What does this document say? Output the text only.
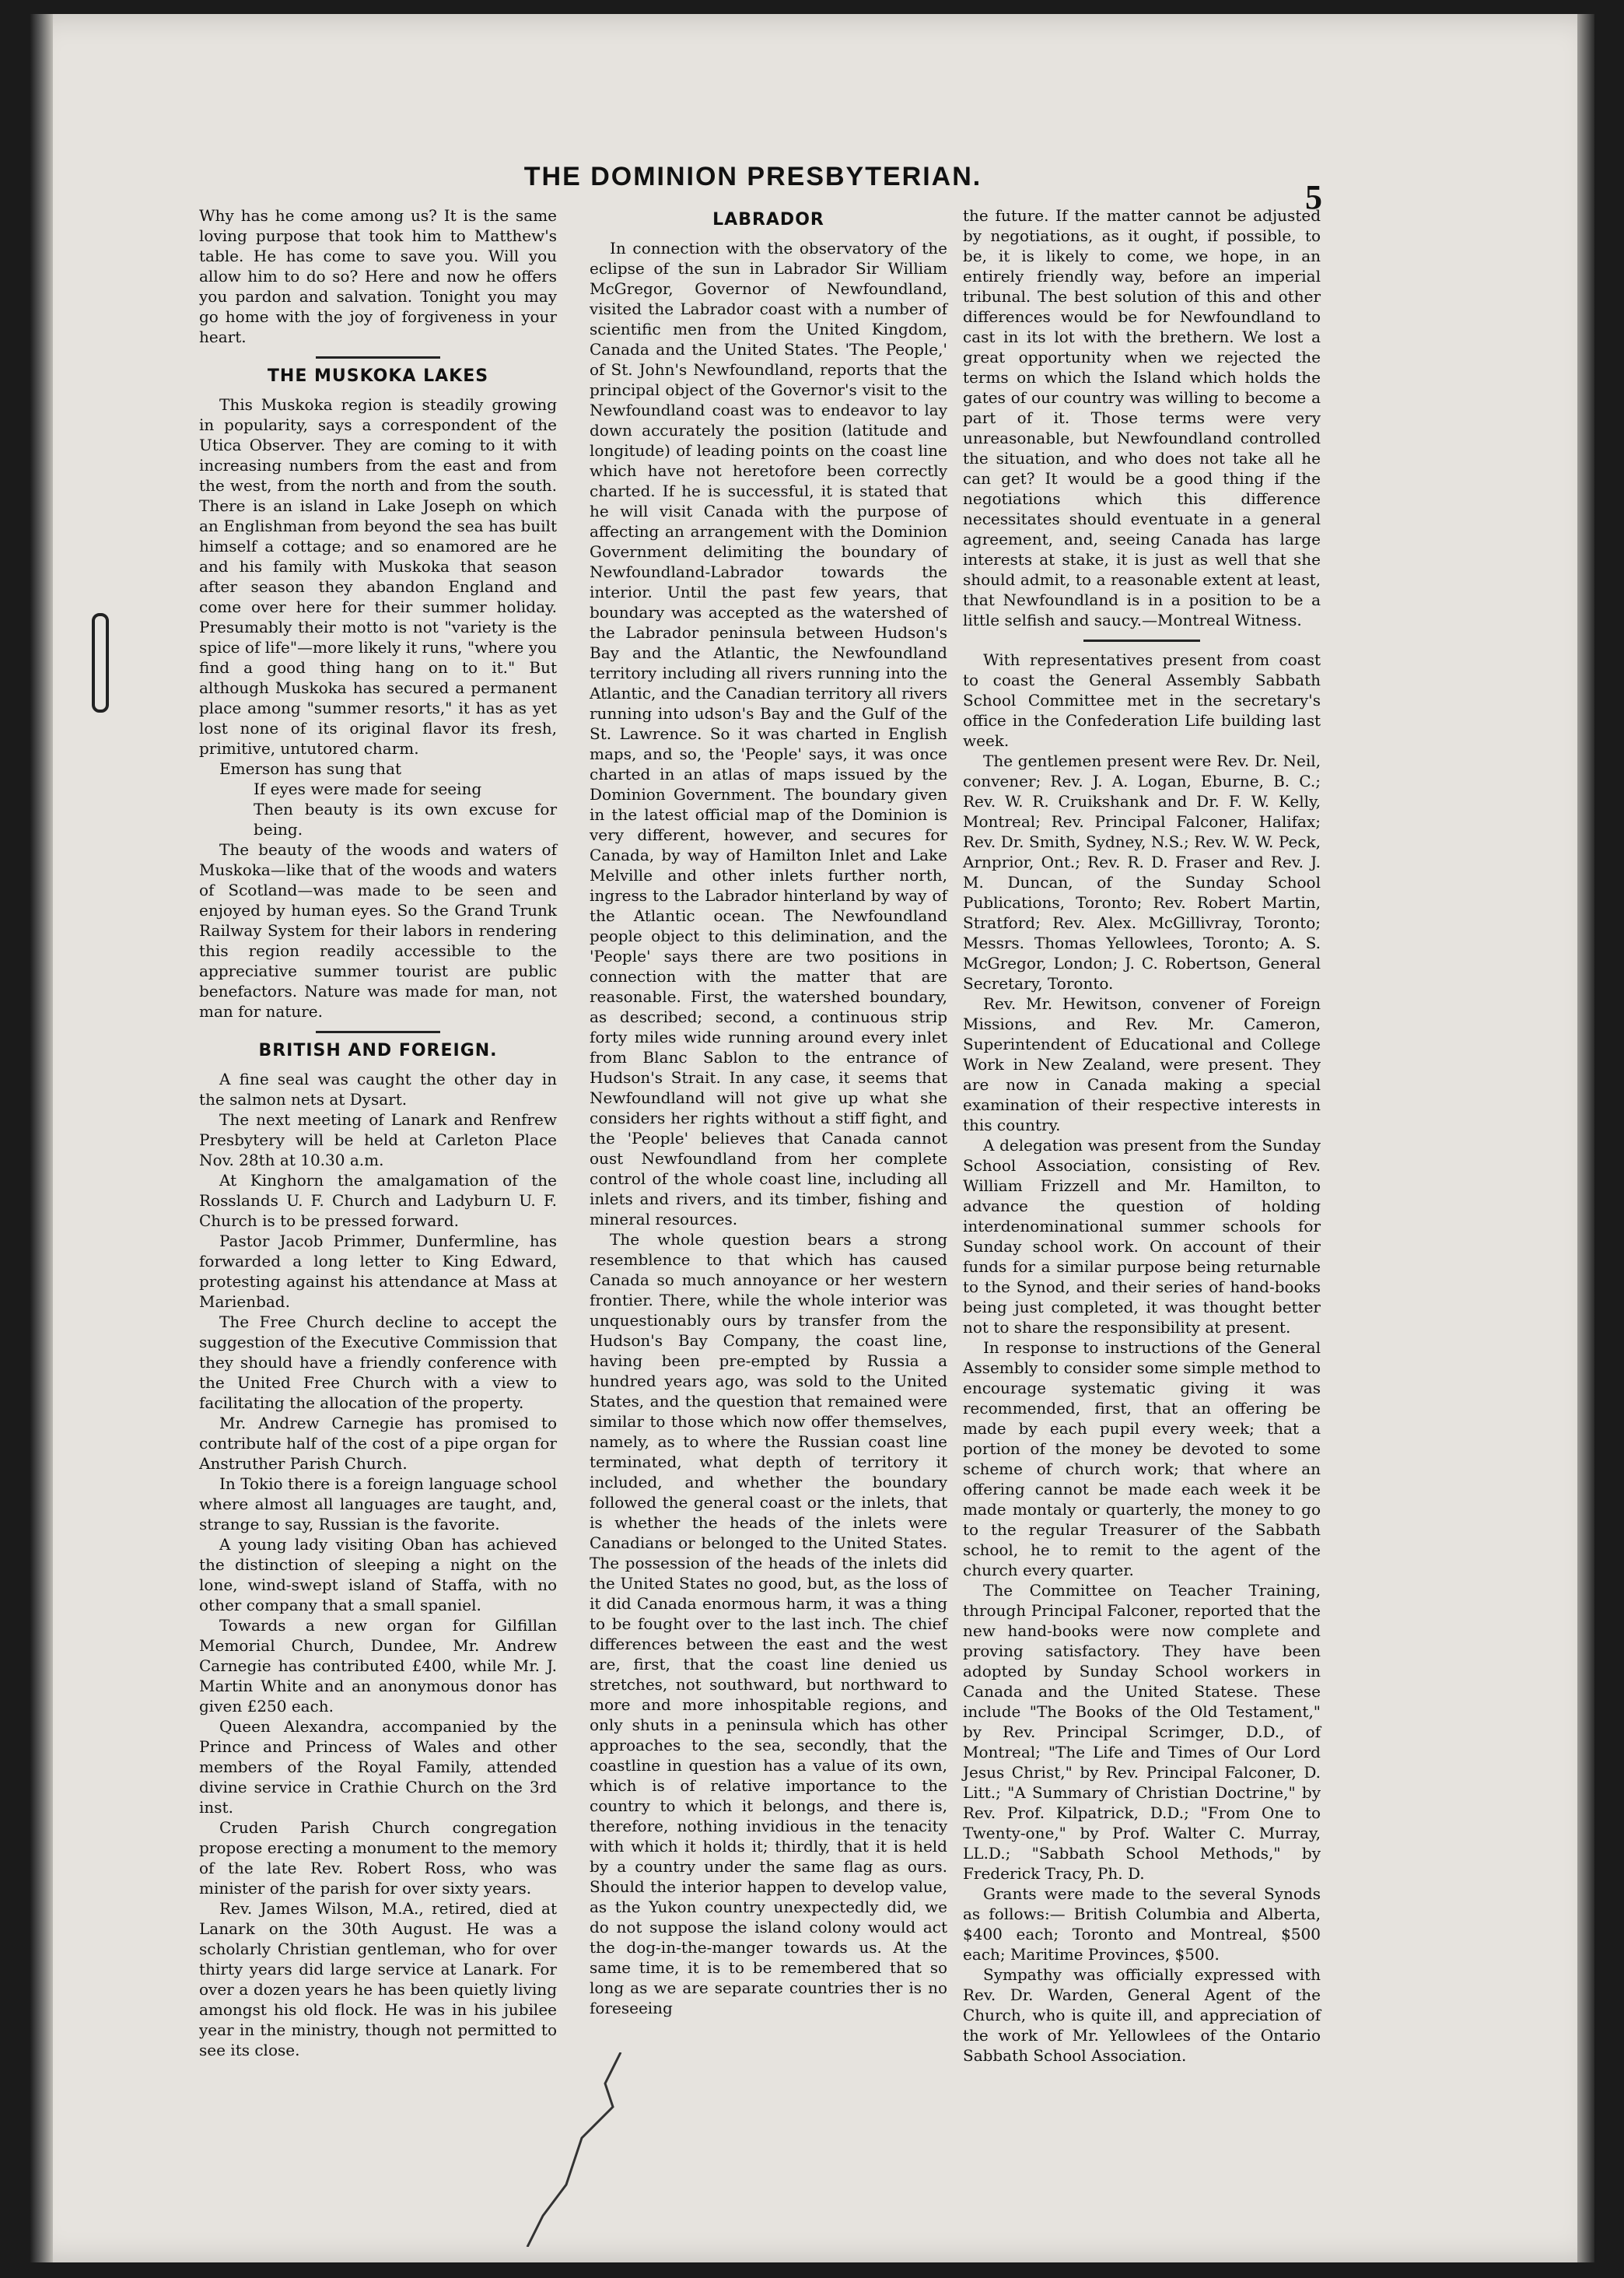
THE DOMINION PRESBYTERIAN.
5

Why has he come among us? It is the same loving purpose that took him to Matthew's table. He has come to save you. Will you allow him to do so? Here and now he offers you pardon and salvation. Tonight you may go home with the joy of forgiveness in your heart.

THE MUSKOKA LAKES

This Muskoka region is steadily growing in popularity, says a correspondent of the Utica Observer. They are coming to it with increasing numbers from the east and from the west, from the north and from the south. There is an island in Lake Joseph on which an Englishman from beyond the sea has built himself a cottage; and so enamored are he and his family with Muskoka that season after season they abandon England and come over here for their summer holiday. Presumably their motto is not "variety is the spice of life"—more likely it runs, "where you find a good thing hang on to it." But although Muskoka has secured a permanent place among "summer resorts," it has as yet lost none of its original flavor its fresh, primitive, untutored charm.

Emerson has sung that

If eyes were made for seeing

Then beauty is its own excuse for being.

The beauty of the woods and waters of Muskoka—like that of the woods and waters of Scotland—was made to be seen and enjoyed by human eyes. So the Grand Trunk Railway System for their labors in rendering this region readily accessible to the appreciative summer tourist are public benefactors. Nature was made for man, not man for nature.

BRITISH AND FOREIGN.

A fine seal was caught the other day in the salmon nets at Dysart.

The next meeting of Lanark and Renfrew Presbytery will be held at Carleton Place Nov. 28th at 10.30 a.m.

At Kinghorn the amalgamation of the Rosslands U. F. Church and Ladyburn U. F. Church is to be pressed forward.

Pastor Jacob Primmer, Dunfermline, has forwarded a long letter to King Edward, protesting against his attendance at Mass at Marienbad.

The Free Church decline to accept the suggestion of the Executive Commission that they should have a friendly conference with the United Free Church with a view to facilitating the allocation of the property.

Mr. Andrew Carnegie has promised to contribute half of the cost of a pipe organ for Anstruther Parish Church.

In Tokio there is a foreign language school where almost all languages are taught, and, strange to say, Russian is the favorite.

A young lady visiting Oban has achieved the distinction of sleeping a night on the lone, wind-swept island of Staffa, with no other company that a small spaniel.

Towards a new organ for Gilfillan Memorial Church, Dundee, Mr. Andrew Carnegie has contributed £400, while Mr. J. Martin White and an anonymous donor has given £250 each.

Queen Alexandra, accompanied by the Prince and Princess of Wales and other members of the Royal Family, attended divine service in Crathie Church on the 3rd inst.

Cruden Parish Church congregation propose erecting a monument to the memory of the late Rev. Robert Ross, who was minister of the parish for over sixty years.

Rev. James Wilson, M.A., retired, died at Lanark on the 30th August. He was a scholarly Christian gentleman, who for over thirty years did large service at Lanark. For over a dozen years he has been quietly living amongst his old flock. He was in his jubilee year in the ministry, though not permitted to see its close.

LABRADOR

In connection with the observatory of the eclipse of the sun in Labrador Sir William McGregor, Governor of Newfoundland, visited the Labrador coast with a number of scientific men from the United Kingdom, Canada and the United States. 'The People,' of St. John's Newfoundland, reports that the principal object of the Governor's visit to the Newfoundland coast was to endeavor to lay down accurately the position (latitude and longitude) of leading points on the coast line which have not heretofore been correctly charted. If he is successful, it is stated that he will visit Canada with the purpose of affecting an arrangement with the Dominion Government delimiting the boundary of Newfoundland-Labrador towards the interior. Until the past few years, that boundary was accepted as the watershed of the Labrador peninsula between Hudson's Bay and the Atlantic, the Newfoundland territory including all rivers running into the Atlantic, and the Canadian territory all rivers running into udson's Bay and the Gulf of the St. Lawrence. So it was charted in English maps, and so, the 'People' says, it was once charted in an atlas of maps issued by the Dominion Government. The boundary given in the latest official map of the Dominion is very different, however, and secures for Canada, by way of Hamilton Inlet and Lake Melville and other inlets further north, ingress to the Labrador hinterland by way of the Atlantic ocean. The Newfoundland people object to this delimination, and the 'People' says there are two positions in connection with the matter that are reasonable. First, the watershed boundary, as described; second, a continuous strip forty miles wide running around every inlet from Blanc Sablon to the entrance of Hudson's Strait. In any case, it seems that Newfoundland will not give up what she considers her rights without a stiff fight, and the 'People' believes that Canada cannot oust Newfoundland from her complete control of the whole coast line, including all inlets and rivers, and its timber, fishing and mineral resources.

The whole question bears a strong resemblence to that which has caused Canada so much annoyance or her western frontier. There, while the whole interior was unquestionably ours by transfer from the Hudson's Bay Company, the coast line, having been pre-empted by Russia a hundred years ago, was sold to the United States, and the question that remained were similar to those which now offer themselves, namely, as to where the Russian coast line terminated, what depth of territory it included, and whether the boundary followed the general coast or the inlets, that is whether the heads of the inlets were Canadians or belonged to the United States. The possession of the heads of the inlets did the United States no good, but, as the loss of it did Canada enormous harm, it was a thing to be fought over to the last inch. The chief differences between the east and the west are, first, that the coast line denied us stretches, not southward, but northward to more and more inhospitable regions, and only shuts in a peninsula which has other approaches to the sea, secondly, that the coastline in question has a value of its own, which is of relative importance to the country to which it belongs, and there is, therefore, nothing invidious in the tenacity with which it holds it; thirdly, that it is held by a country under the same flag as ours. Should the interior happen to develop value, as the Yukon country unexpectedly did, we do not suppose the island colony would act the dog-in-the-manger towards us. At the same time, it is to be remembered that so long as we are separate countries ther is no foreseeing

the future. If the matter cannot be adjusted by negotiations, as it ought, if possible, to be, it is likely to come, we hope, in an entirely friendly way, before an imperial tribunal. The best solution of this and other differences would be for Newfoundland to cast in its lot with the brethern. We lost a great opportunity when we rejected the terms on which the Island which holds the gates of our country was willing to become a part of it. Those terms were very unreasonable, but Newfoundland controlled the situation, and who does not take all he can get? It would be a good thing if the negotiations which this difference necessitates should eventuate in a general agreement, and, seeing Canada has large interests at stake, it is just as well that she should admit, to a reasonable extent at least, that Newfoundland is in a position to be a little selfish and saucy.—Montreal Witness.

With representatives present from coast to coast the General Assembly Sabbath School Committee met in the secretary's office in the Confederation Life building last week.

The gentlemen present were Rev. Dr. Neil, convener; Rev. J. A. Logan, Eburne, B. C.; Rev. W. R. Cruikshank and Dr. F. W. Kelly, Montreal; Rev. Principal Falconer, Halifax; Rev. Dr. Smith, Sydney, N.S.; Rev. W. W. Peck, Arnprior, Ont.; Rev. R. D. Fraser and Rev. J. M. Duncan, of the Sunday School Publications, Toronto; Rev. Robert Martin, Stratford; Rev. Alex. McGillivray, Toronto; Messrs. Thomas Yellowlees, Toronto; A. S. McGregor, London; J. C. Robertson, General Secretary, Toronto.

Rev. Mr. Hewitson, convener of Foreign Missions, and Rev. Mr. Cameron, Superintendent of Educational and College Work in New Zealand, were present. They are now in Canada making a special examination of their respective interests in this country.

A delegation was present from the Sunday School Association, consisting of Rev. William Frizzell and Mr. Hamilton, to advance the question of holding interdenominational summer schools for Sunday school work. On account of their funds for a similar purpose being returnable to the Synod, and their series of hand-books being just completed, it was thought better not to share the responsibility at present.

In response to instructions of the General Assembly to consider some simple method to encourage systematic giving it was recommended, first, that an offering be made by each pupil every week; that a portion of the money be devoted to some scheme of church work; that where an offering cannot be made each week it be made montaly or quarterly, the money to go to the regular Treasurer of the Sabbath school, he to remit to the agent of the church every quarter.

The Committee on Teacher Training, through Principal Falconer, reported that the new hand-books were now complete and proving satisfactory. They have been adopted by Sunday School workers in Canada and the United Statese. These include "The Books of the Old Testament," by Rev. Principal Scrimger, D.D., of Montreal; "The Life and Times of Our Lord Jesus Christ," by Rev. Principal Falconer, D. Litt.; "A Summary of Christian Doctrine," by Rev. Prof. Kilpatrick, D.D.; "From One to Twenty-one," by Prof. Walter C. Murray, LL.D.; "Sabbath School Methods," by Frederick Tracy, Ph. D.

Grants were made to the several Synods as follows:— British Columbia and Alberta, $400 each; Toronto and Montreal, $500 each; Maritime Provinces, $500.

Sympathy was officially expressed with Rev. Dr. Warden, General Agent of the Church, who is quite ill, and appreciation of the work of Mr. Yellowlees of the Ontario Sabbath School Association.
